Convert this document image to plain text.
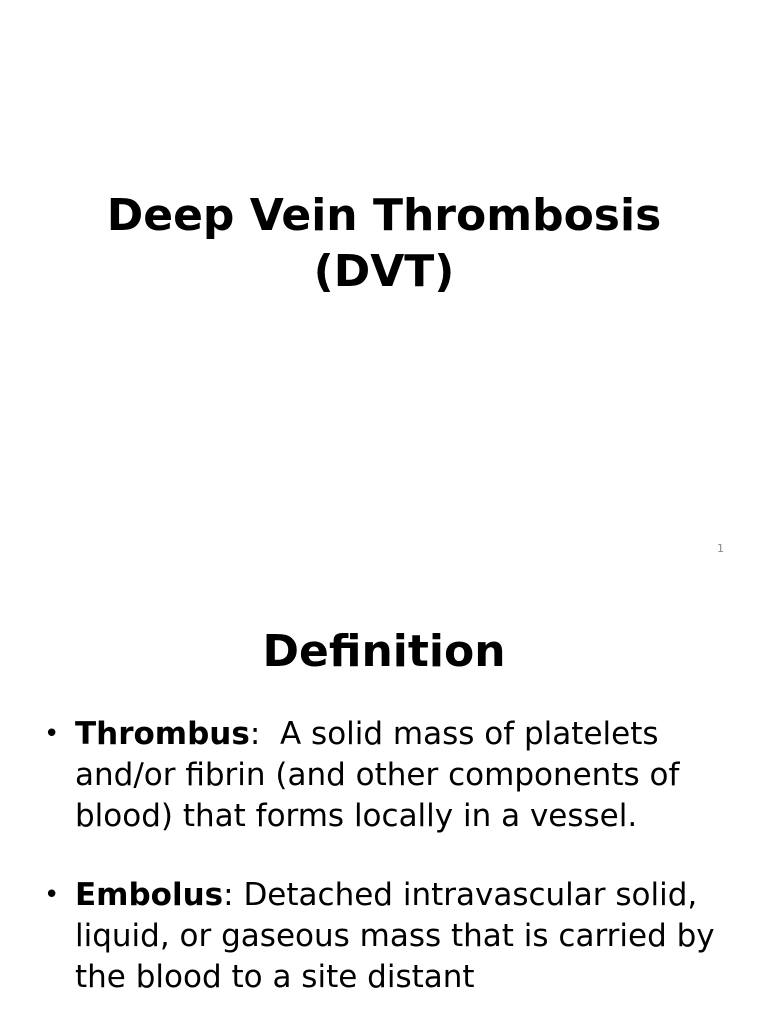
Deep Vein Thrombosis
(DVT)
1
Definition
• Thrombus:  A solid mass of platelets and/or fibrin (and other components of blood) that forms locally in a vessel.
• Embolus: Detached intravascular solid, liquid, or gaseous mass that is carried by the blood to a site distant
